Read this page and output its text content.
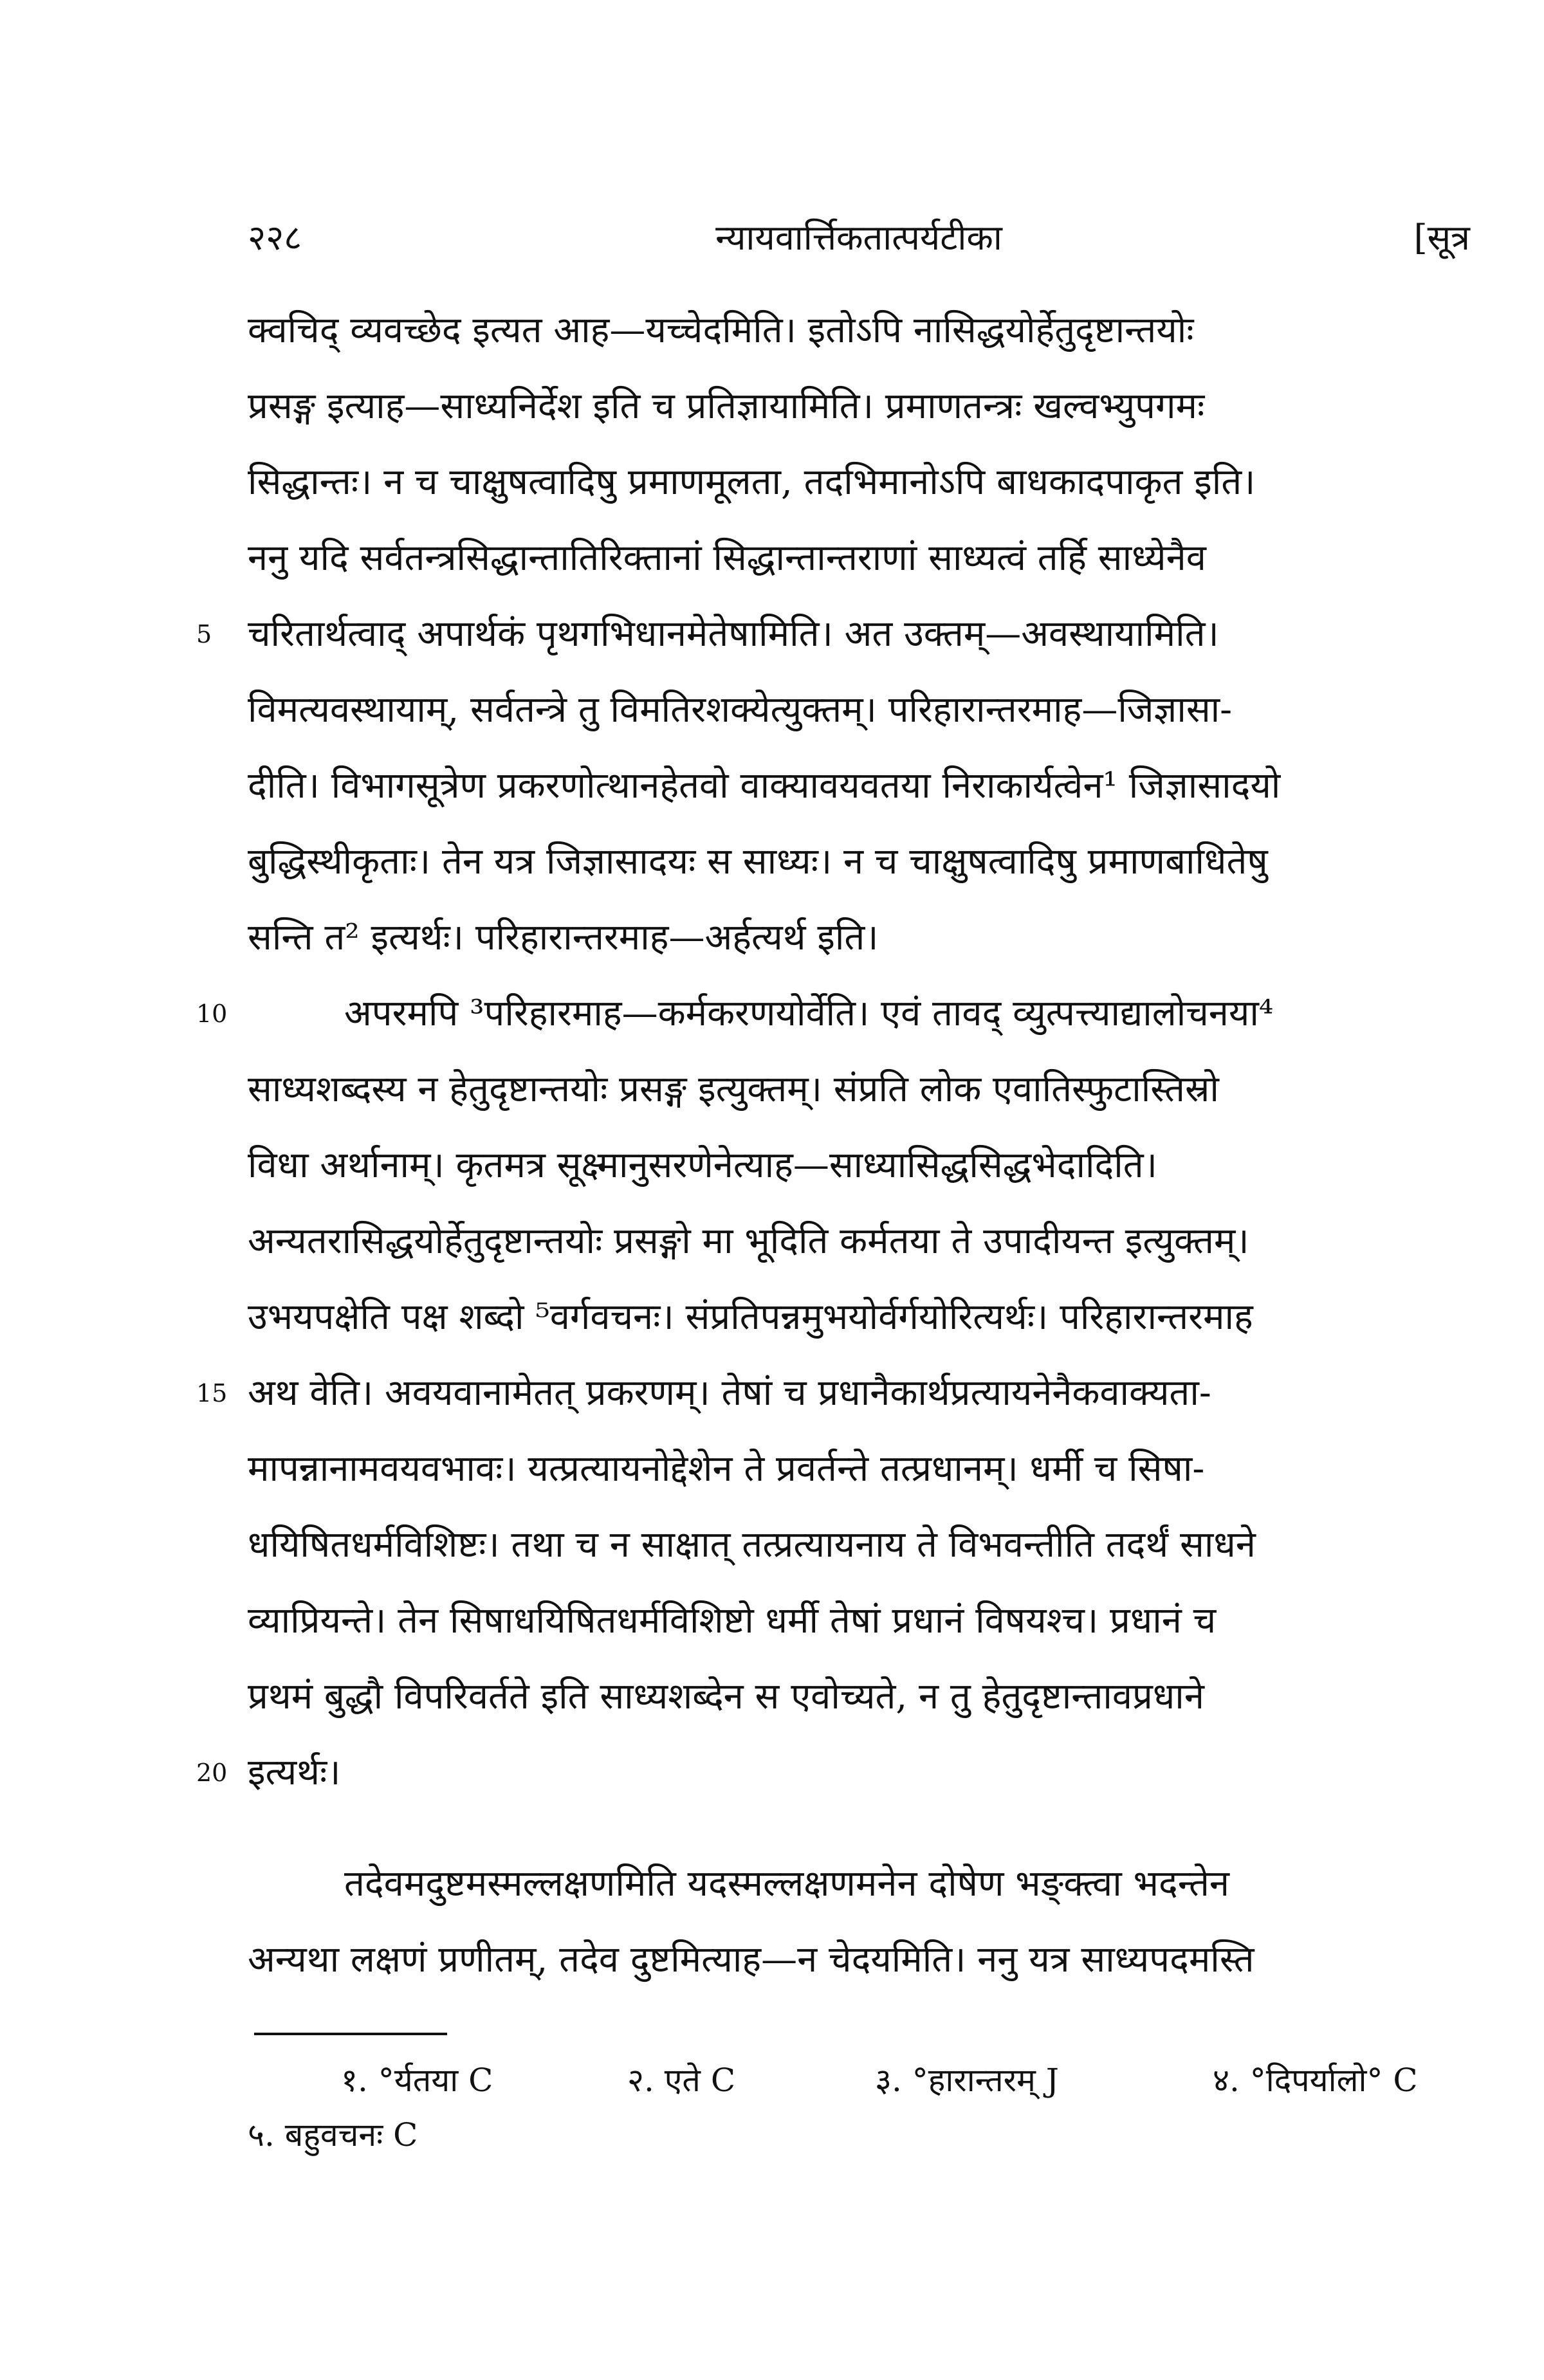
२२८	न्यायवार्त्तिकतात्पर्यटीका	[सूत्र
क्वचिद् व्यवच्छेद इत्यत आह—यच्चेदमिति। इतोऽपि नासिद्धयोर्हेतुदृष्टान्तयोः
प्रसङ्ग इत्याह—साध्यनिर्देश इति च प्रतिज्ञायामिति। प्रमाणतन्त्रः खल्वभ्युपगमः
सिद्धान्तः। न च चाक्षुषत्वादिषु प्रमाणमूलता, तदभिमानोऽपि बाधकादपाकृत इति।
ननु यदि सर्वतन्त्रसिद्धान्तातिरिक्तानां सिद्धान्तान्तराणां साध्यत्वं तर्हि साध्येनैव
5 चरितार्थत्वाद् अपार्थकं पृथगभिधानमेतेषामिति। अत उक्तम्—अवस्थायामिति।
विमत्यवस्थायाम्, सर्वतन्त्रे तु विमतिरशक्येत्युक्तम्। परिहारान्तरमाह—जिज्ञासा-
दीति। विभागसूत्रेण प्रकरणोत्थानहेतवो वाक्यावयवतया निराकार्यत्वेन¹ जिज्ञासादयो
बुद्धिस्थीकृताः। तेन यत्र जिज्ञासादयः स साध्यः। न च चाक्षुषत्वादिषु प्रमाणबाधितेषु
सन्ति त² इत्यर्थः। परिहारान्तरमाह—अर्हत्यर्थ इति।
10	अपरमपि ³परिहारमाह—कर्मकरणयोर्वेति। एवं तावद् व्युत्पत्त्याद्यालोचनया⁴
साध्यशब्दस्य न हेतुदृष्टान्तयोः प्रसङ्ग इत्युक्तम्। संप्रति लोक एवातिस्फुटास्तिस्रो
विधा अर्थानाम्। कृतमत्र सूक्ष्मानुसरणेनेत्याह—साध्यासिद्धसिद्धभेदादिति।
अन्यतरासिद्धयोर्हेतुदृष्टान्तयोः प्रसङ्गो मा भूदिति कर्मतया ते उपादीयन्त इत्युक्तम्।
उभयपक्षेति पक्ष शब्दो ⁵वर्गवचनः। संप्रतिपन्नमुभयोर्वर्गयोरित्यर्थः। परिहारान्तरमाह
15 अथ वेति। अवयवानामेतत् प्रकरणम्। तेषां च प्रधानैकार्थप्रत्यायनेनैकवाक्यता-
मापन्नानामवयवभावः। यत्प्रत्यायनोद्देशेन ते प्रवर्तन्ते तत्प्रधानम्। धर्मी च सिषा-
धयिषितधर्मविशिष्टः। तथा च न साक्षात् तत्प्रत्यायनाय ते विभवन्तीति तदर्थं साधने
व्याप्रियन्ते। तेन सिषाधयिषितधर्मविशिष्टो धर्मी तेषां प्रधानं विषयश्च। प्रधानं च
प्रथमं बुद्धौ विपरिवर्तते इति साध्यशब्देन स एवोच्यते, न तु हेतुदृष्टान्तावप्रधाने
20 इत्यर्थः।
तदेवमदुष्टमस्मल्लक्षणमिति यदस्मल्लक्षणमनेन दोषेण भङ्क्त्वा भदन्तेन
अन्यथा लक्षणं प्रणीतम्, तदेव दुष्टमित्याह—न चेदयमिति। ननु यत्र साध्यपदमस्ति
१. °र्यतया C	२. एते C	३. °हारान्तरम् J	४. °दिपर्यालो° C
५. बहुवचनः C
